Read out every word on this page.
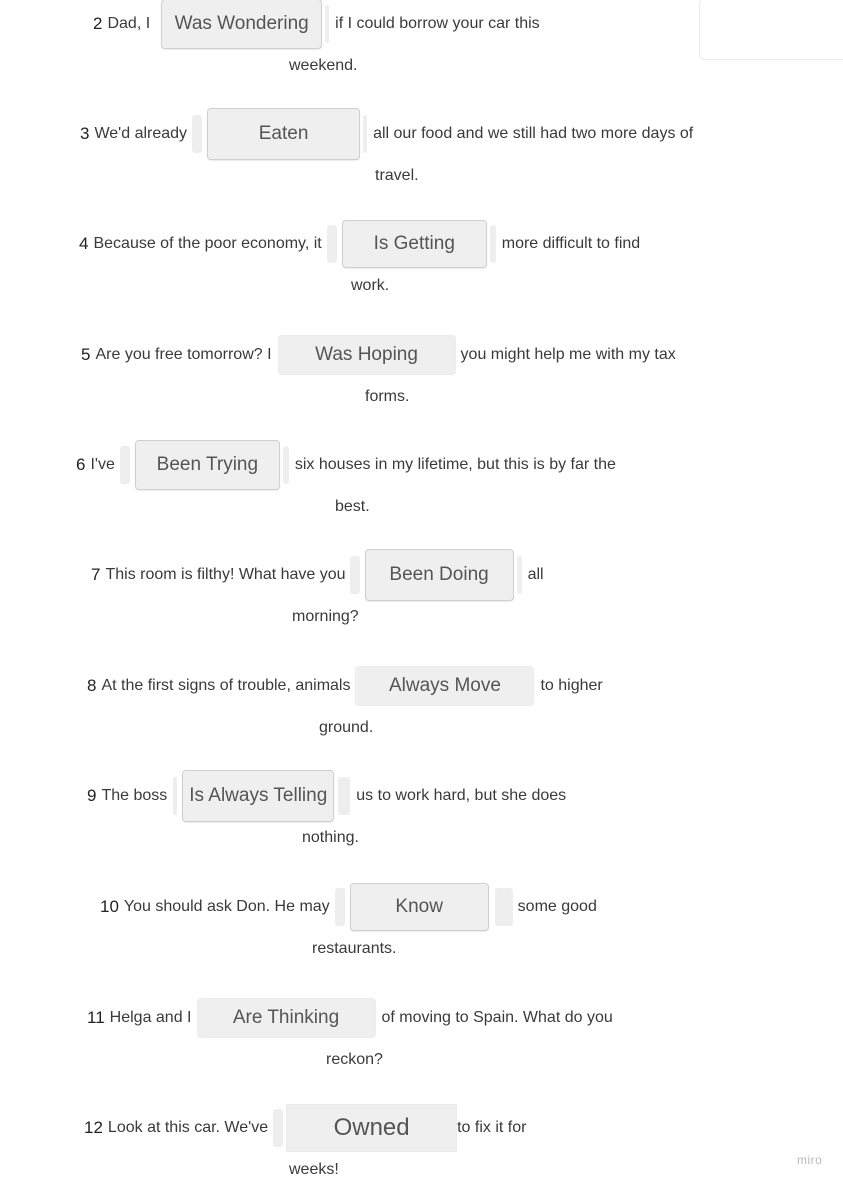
2 Dad, I	Was Wondering	if I could borrow your car this
weekend.
3 We'd already	Eaten	all our food and we still had two more days of
travel.
4 Because of the poor economy, it	Is Getting	more difficult to find
work.
5 Are you free tomorrow? I	Was Hoping	you might help me with my tax
forms.
6 I've	Been Trying	six houses in my lifetime, but this is by far the
best.
7 This room is filthy! What have you	Been Doing	all
morning?
8 At the first signs of trouble, animals	Always Move	to higher
ground.
9 The boss	Is Always Telling	us to work hard, but she does
nothing.
10 You should ask Don. He may	Know	some good
restaurants.
11 Helga and I	Are Thinking	of moving to Spain. What do you
reckon?
12 Look at this car. We've	Owned	to fix it for
weeks!
miro
